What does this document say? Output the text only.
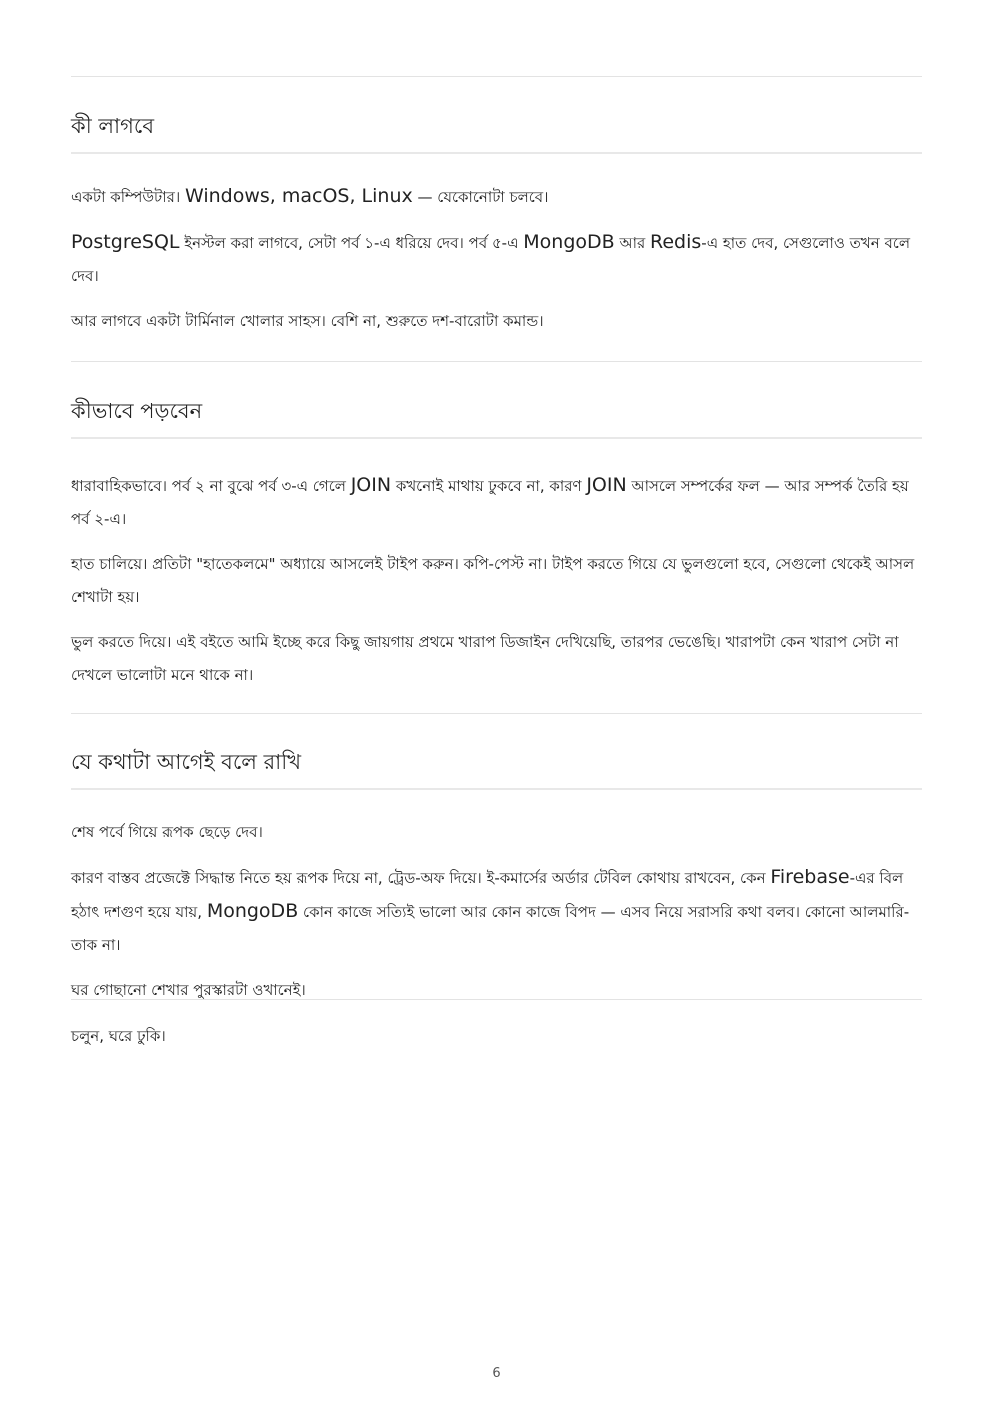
কী লাগবে

একটা কম্পিউটার। Windows, macOS, Linux — যেকোনোটা চলবে।

PostgreSQL ইনস্টল করা লাগবে, সেটা পর্ব ১-এ ধরিয়ে দেব। পর্ব ৫-এ MongoDB আর Redis-এ হাত দেব, সেগুলোও তখন বলে দেব।

আর লাগবে একটা টার্মিনাল খোলার সাহস। বেশি না, শুরুতে দশ-বারোটা কমান্ড।

কীভাবে পড়বেন

ধারাবাহিকভাবে। পর্ব ২ না বুঝে পর্ব ৩-এ গেলে JOIN কখনোই মাথায় ঢুকবে না, কারণ JOIN আসলে সম্পর্কের ফল — আর সম্পর্ক তৈরি হয় পর্ব ২-এ।

হাত চালিয়ে। প্রতিটা "হাতেকলমে" অধ্যায়ে আসলেই টাইপ করুন। কপি-পেস্ট না। টাইপ করতে গিয়ে যে ভুলগুলো হবে, সেগুলো থেকেই আসল শেখাটা হয়।

ভুল করতে দিয়ে। এই বইতে আমি ইচ্ছে করে কিছু জায়গায় প্রথমে খারাপ ডিজাইন দেখিয়েছি, তারপর ভেঙেছি। খারাপটা কেন খারাপ সেটা না দেখলে ভালোটা মনে থাকে না।

যে কথাটা আগেই বলে রাখি

শেষ পর্বে গিয়ে রূপক ছেড়ে দেব।

কারণ বাস্তব প্রজেক্টে সিদ্ধান্ত নিতে হয় রূপক দিয়ে না, ট্রেড-অফ দিয়ে। ই-কমার্সের অর্ডার টেবিল কোথায় রাখবেন, কেন Firebase-এর বিল হঠাৎ দশগুণ হয়ে যায়, MongoDB কোন কাজে সত্যিই ভালো আর কোন কাজে বিপদ — এসব নিয়ে সরাসরি কথা বলব। কোনো আলমারি-তাক না।

ঘর গোছানো শেখার পুরস্কারটা ওখানেই।

চলুন, ঘরে ঢুকি।

6
